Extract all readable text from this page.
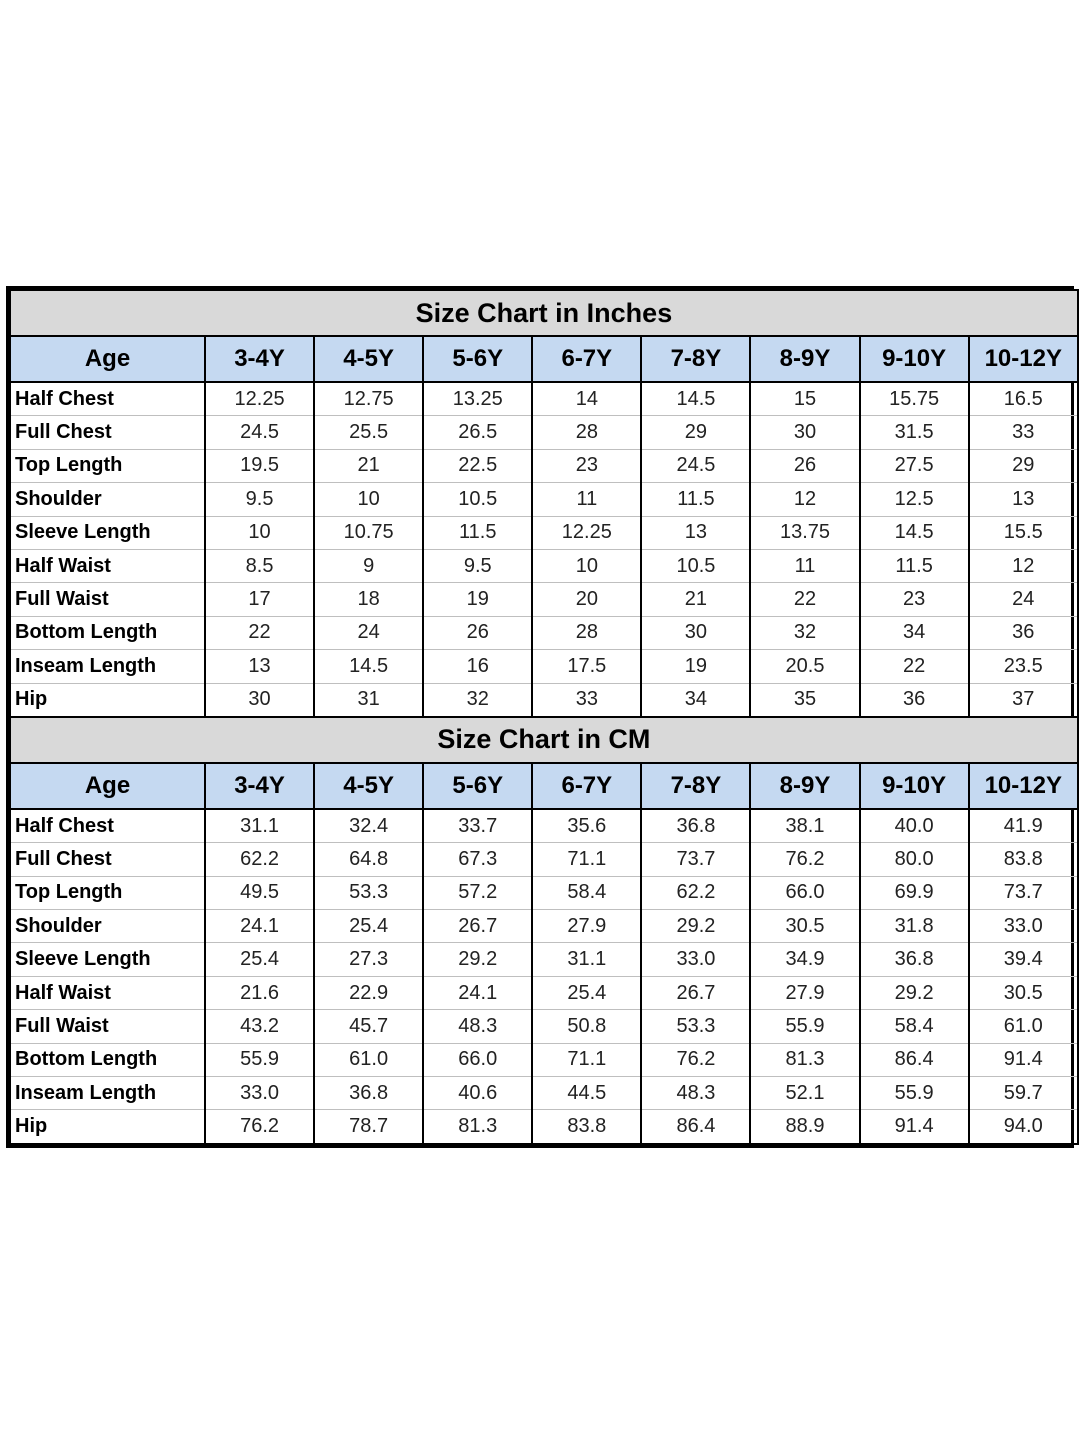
Size Chart in Inches								
Age	3-4Y	4-5Y	5-6Y	6-7Y	7-8Y	8-9Y	9-10Y	10-12Y
Half Chest	12.25	12.75	13.25	14	14.5	15	15.75	16.5
Full Chest	24.5	25.5	26.5	28	29	30	31.5	33
Top Length	19.5	21	22.5	23	24.5	26	27.5	29
Shoulder	9.5	10	10.5	11	11.5	12	12.5	13
Sleeve Length	10	10.75	11.5	12.25	13	13.75	14.5	15.5
Half Waist	8.5	9	9.5	10	10.5	11	11.5	12
Full Waist	17	18	19	20	21	22	23	24
Bottom Length	22	24	26	28	30	32	34	36
Inseam Length	13	14.5	16	17.5	19	20.5	22	23.5
Hip	30	31	32	33	34	35	36	37
Size Chart in CM								
Age	3-4Y	4-5Y	5-6Y	6-7Y	7-8Y	8-9Y	9-10Y	10-12Y
Half Chest	31.1	32.4	33.7	35.6	36.8	38.1	40.0	41.9
Full Chest	62.2	64.8	67.3	71.1	73.7	76.2	80.0	83.8
Top Length	49.5	53.3	57.2	58.4	62.2	66.0	69.9	73.7
Shoulder	24.1	25.4	26.7	27.9	29.2	30.5	31.8	33.0
Sleeve Length	25.4	27.3	29.2	31.1	33.0	34.9	36.8	39.4
Half Waist	21.6	22.9	24.1	25.4	26.7	27.9	29.2	30.5
Full Waist	43.2	45.7	48.3	50.8	53.3	55.9	58.4	61.0
Bottom Length	55.9	61.0	66.0	71.1	76.2	81.3	86.4	91.4
Inseam Length	33.0	36.8	40.6	44.5	48.3	52.1	55.9	59.7
Hip	76.2	78.7	81.3	83.8	86.4	88.9	91.4	94.0
